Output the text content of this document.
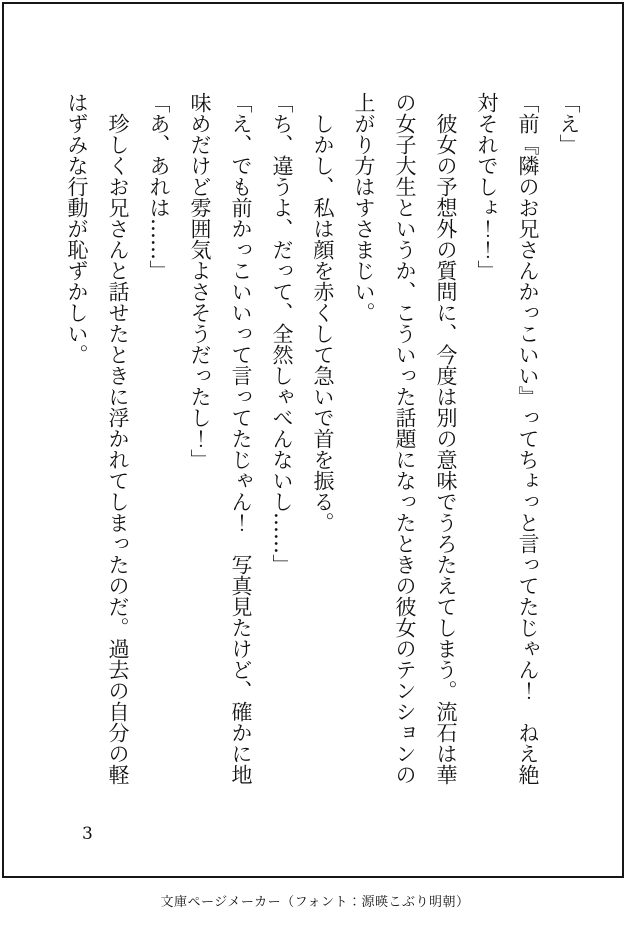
「え」

「前『隣のお兄さんかっこいい』ってちょっと言ってたじゃん！　ねえ絶

対それでしょ！！」

　彼女の予想外の質問に、今度は別の意味でうろたえてしまう。流石は華

の女子大生というか、こういった話題になったときの彼女のテンションの

上がり方はすさまじい。

　しかし、私は顔を赤くして急いで首を振る。

「ち、違うよ、だって、全然しゃべんないし……」

「え、でも前かっこいいって言ってたじゃん！　写真見たけど、確かに地

味めだけど雰囲気よさそうだったし！」

「あ、あれは……」

　珍しくお兄さんと話せたときに浮かれてしまったのだ。過去の自分の軽

はずみな行動が恥ずかしい。

3
文庫ページメーカー（フォント：源暎こぶり明朝）
